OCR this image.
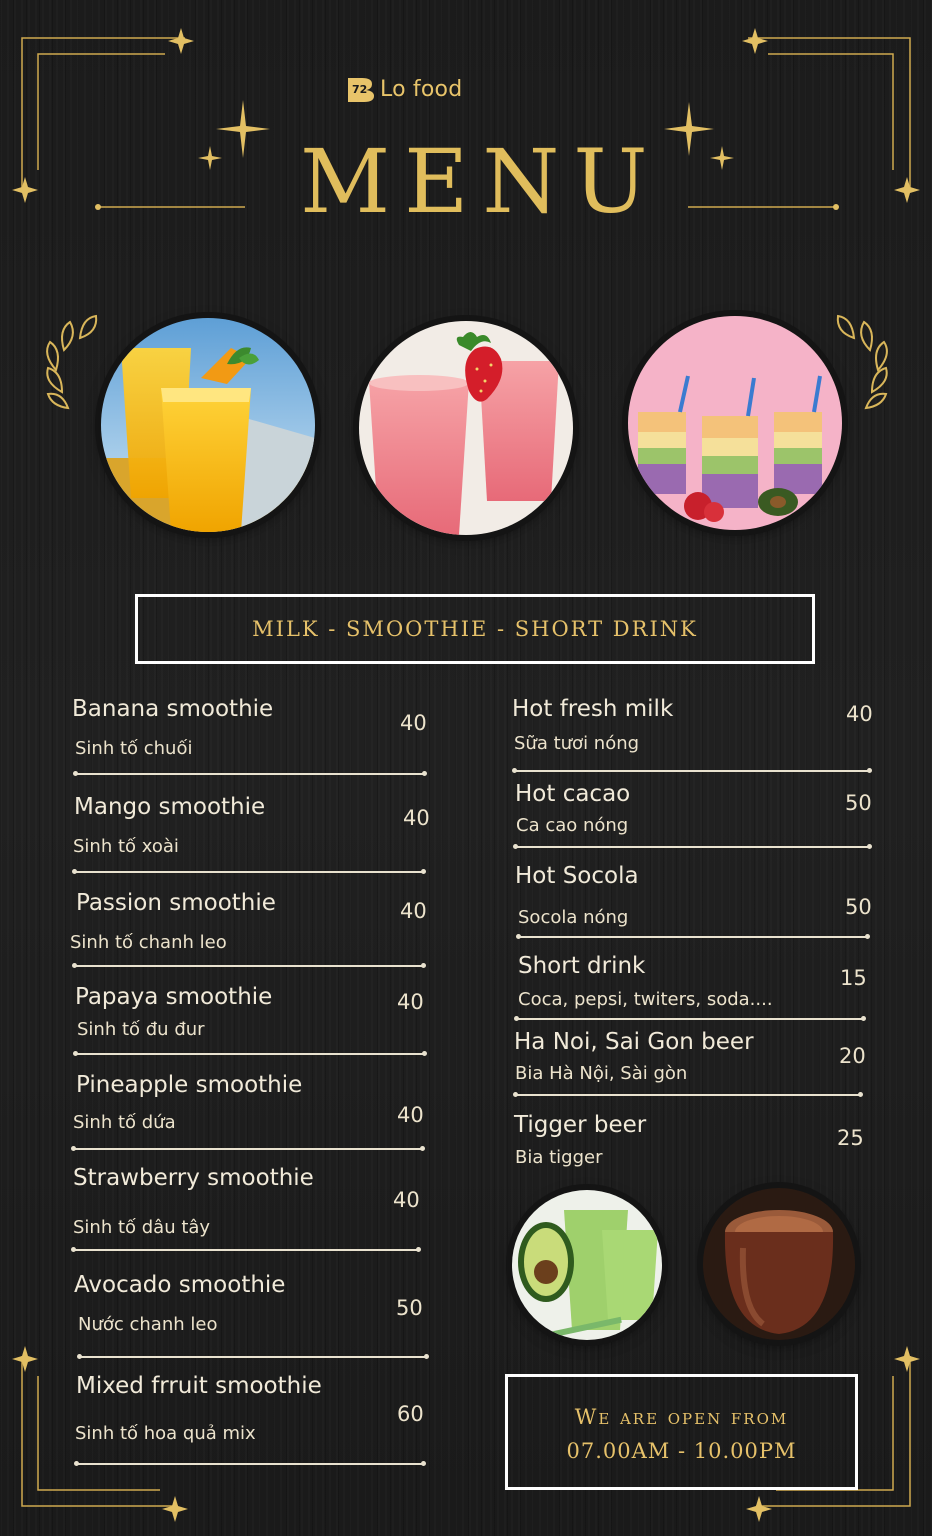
72 Lo food
MENU
MILK - SMOOTHIE - SHORT DRINK
Banana smoothie
Sinh tố chuối
40
Mango smoothie
Sinh tố xoài
40
Passion smoothie
Sinh tố chanh leo
40
Papaya smoothie
Sinh tố đu đur
40
Pineapple smoothie
Sinh tố dứa	40
Strawberry smoothie
Sinh tố dâu tây
40
Avocado smoothie
Nước chanh leo
50
Mixed frruit smoothie
Sinh tố hoa quả mix
60
Hot fresh milk
Sữa tươi nóng
40
Hot cacao
Ca cao nóng
50
Hot Socola
Socola nóng	50
Short drink
Coca, pepsi, twiters, soda....
15
Ha Noi, Sai Gon beer
Bia Hà Nội, Sài gòn
20
Tigger beer
Bia tigger
25
We are open from
07.00AM - 10.00PM
